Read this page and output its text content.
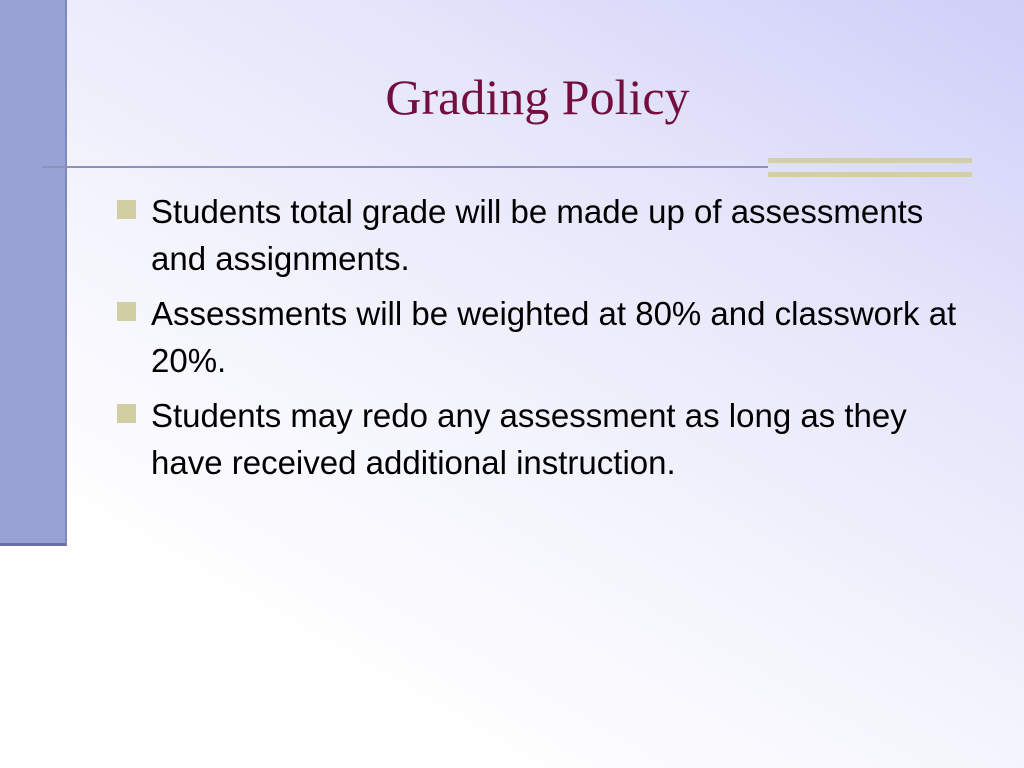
Grading Policy
Students total grade will be made up of assessments and assignments.
Assessments will be weighted at 80% and classwork at 20%.
Students may redo any assessment as long as they have received additional instruction.
